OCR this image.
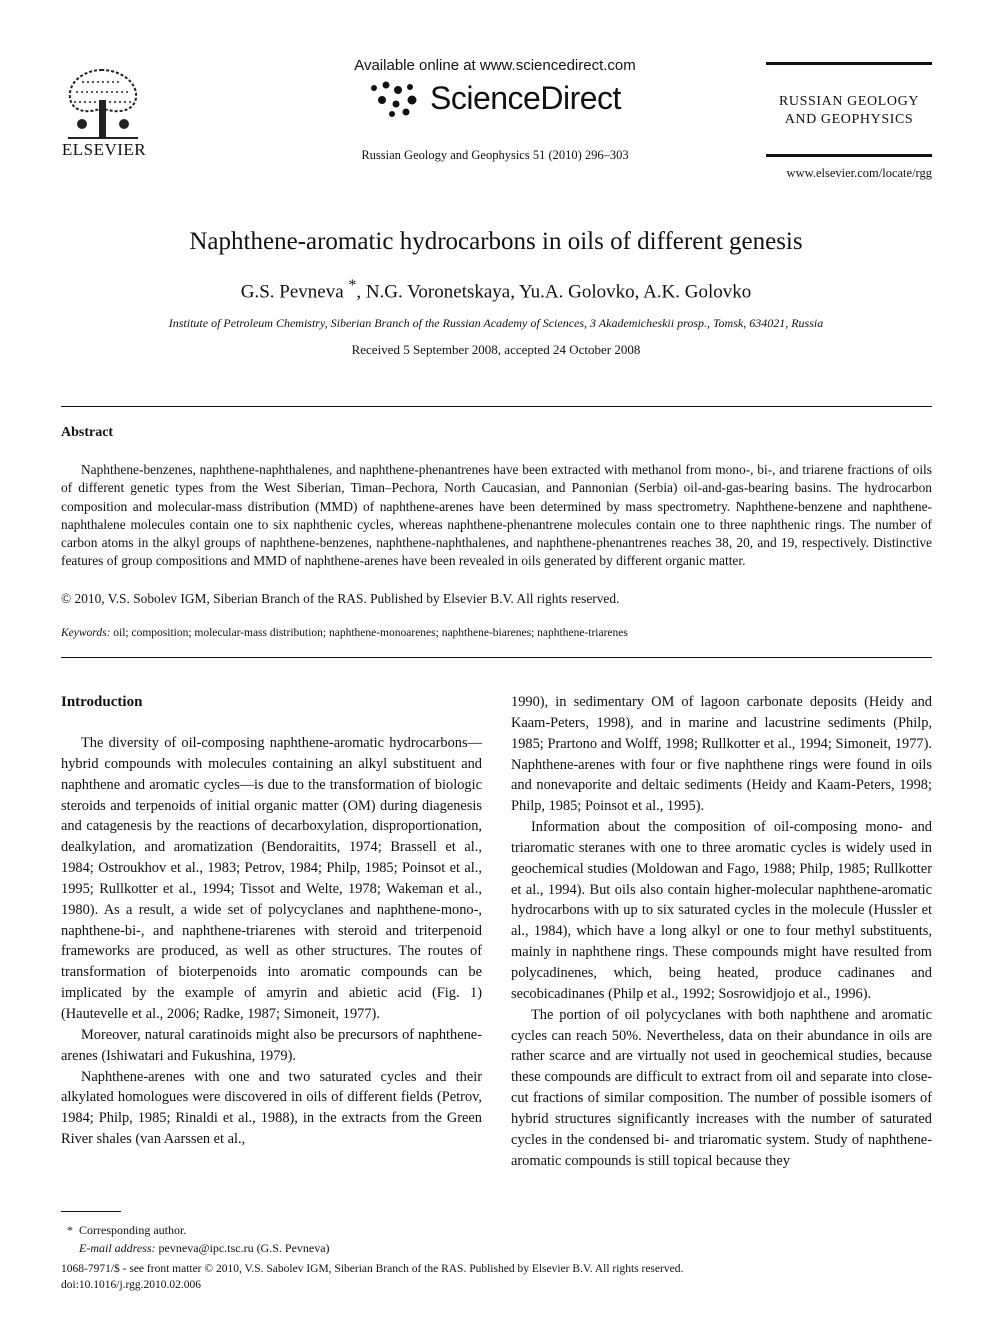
ELSEVIER
Available online at www.sciencedirect.com
ScienceDirect
Russian Geology and Geophysics 51 (2010) 296–303
RUSSIAN GEOLOGY
AND GEOPHYSICS
www.elsevier.com/locate/rgg
Naphthene-aromatic hydrocarbons in oils of different genesis
G.S. Pevneva *, N.G. Voronetskaya, Yu.A. Golovko, A.K. Golovko
Institute of Petroleum Chemistry, Siberian Branch of the Russian Academy of Sciences, 3 Akademicheskii prosp., Tomsk, 634021, Russia
Received 5 September 2008, accepted 24 October 2008
Abstract
Naphthene-benzenes, naphthene-naphthalenes, and naphthene-phenantrenes have been extracted with methanol from mono-, bi-, and triarene fractions of oils of different genetic types from the West Siberian, Timan–Pechora, North Caucasian, and Pannonian (Serbia) oil-and-gas-bearing basins. The hydrocarbon composition and molecular-mass distribution (MMD) of naphthene-arenes have been determined by mass spectrometry. Naphthene-benzene and naphthene-naphthalene molecules contain one to six naphthenic cycles, whereas naphthene-phenantrene molecules contain one to three naphthenic rings. The number of carbon atoms in the alkyl groups of naphthene-benzenes, naphthene-naphthalenes, and naphthene-phenantrenes reaches 38, 20, and 19, respectively. Distinctive features of group compositions and MMD of naphthene-arenes have been revealed in oils generated by different organic matter.
© 2010, V.S. Sobolev IGM, Siberian Branch of the RAS. Published by Elsevier B.V. All rights reserved.
Keywords: oil; composition; molecular-mass distribution; naphthene-monoarenes; naphthene-biarenes; naphthene-triarenes
Introduction

The diversity of oil-composing naphthene-aromatic hydrocarbons—hybrid compounds with molecules containing an alkyl substituent and naphthene and aromatic cycles—is due to the transformation of biologic steroids and terpenoids of initial organic matter (OM) during diagenesis and catagenesis by the reactions of decarboxylation, disproportionation, dealkylation, and aromatization (Bendoraitits, 1974; Brassell et al., 1984; Ostroukhov et al., 1983; Petrov, 1984; Philp, 1985; Poinsot et al., 1995; Rullkotter et al., 1994; Tissot and Welte, 1978; Wakeman et al., 1980). As a result, a wide set of polycyclanes and naphthene-mono-, naphthene-bi-, and naphthene-triarenes with steroid and triterpenoid frameworks are produced, as well as other structures. The routes of transformation of bioterpenoids into aromatic compounds can be implicated by the example of amyrin and abietic acid (Fig. 1) (Hautevelle et al., 2006; Radke, 1987; Simoneit, 1977).

Moreover, natural caratinoids might also be precursors of naphthene-arenes (Ishiwatari and Fukushina, 1979).

Naphthene-arenes with one and two saturated cycles and their alkylated homologues were discovered in oils of different fields (Petrov, 1984; Philp, 1985; Rinaldi et al., 1988), in the extracts from the Green River shales (van Aarssen et al.,

1990), in sedimentary OM of lagoon carbonate deposits (Heidy and Kaam-Peters, 1998), and in marine and lacustrine sediments (Philp, 1985; Prartono and Wolff, 1998; Rullkotter et al., 1994; Simoneit, 1977). Naphthene-arenes with four or five naphthene rings were found in oils and nonevaporite and deltaic sediments (Heidy and Kaam-Peters, 1998; Philp, 1985; Poinsot et al., 1995).

Information about the composition of oil-composing mono- and triaromatic steranes with one to three aromatic cycles is widely used in geochemical studies (Moldowan and Fago, 1988; Philp, 1985; Rullkotter et al., 1994). But oils also contain higher-molecular naphthene-aromatic hydrocarbons with up to six saturated cycles in the molecule (Hussler et al., 1984), which have a long alkyl or one to four methyl substituents, mainly in naphthene rings. These compounds might have resulted from polycadinenes, which, being heated, produce cadinanes and secobicadinanes (Philp et al., 1992; Sosrowidjojo et al., 1996).

The portion of oil polycyclanes with both naphthene and aromatic cycles can reach 50%. Nevertheless, data on their abundance in oils are rather scarce and are virtually not used in geochemical studies, because these compounds are difficult to extract from oil and separate into close-cut fractions of similar composition. The number of possible isomers of hybrid structures significantly increases with the number of saturated cycles in the condensed bi- and triaromatic system. Study of naphthene-aromatic compounds is still topical because they

* Corresponding author.
E-mail address: pevneva@ipc.tsc.ru (G.S. Pevneva)
1068-7971/$ - see front matter © 2010, V.S. Sabolev IGM, Siberian Branch of the RAS. Published by Elsevier B.V. All rights reserved.
doi:10.1016/j.rgg.2010.02.006
